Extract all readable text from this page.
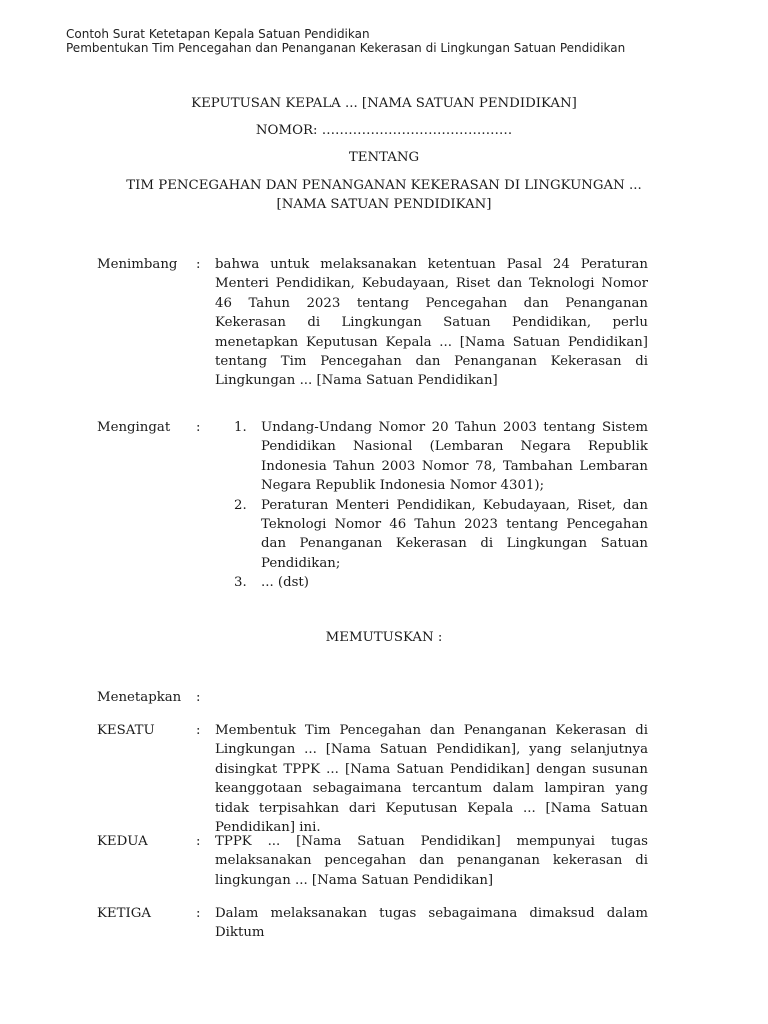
Contoh Surat Ketetapan Kepala Satuan Pendidikan
Pembentukan Tim Pencegahan dan Penanganan Kekerasan di Lingkungan Satuan Pendidikan
KEPUTUSAN KEPALA ... [NAMA SATUAN PENDIDIKAN]
NOMOR: …………………………………….
TENTANG
TIM PENCEGAHAN DAN PENANGANAN KEKERASAN DI LINGKUNGAN ... [NAMA SATUAN PENDIDIKAN]
Menimbang : bahwa untuk melaksanakan ketentuan Pasal 24 Peraturan Menteri Pendidikan, Kebudayaan, Riset dan Teknologi Nomor 46 Tahun 2023 tentang Pencegahan dan Penanganan Kekerasan di Lingkungan Satuan Pendidikan, perlu menetapkan Keputusan Kepala ... [Nama Satuan Pendidikan] tentang Tim Pencegahan dan Penanganan Kekerasan di Lingkungan ... [Nama Satuan Pendidikan]
Mengingat :	1.	Undang-Undang Nomor 20 Tahun 2003 tentang Sistem Pendidikan Nasional (Lembaran Negara Republik Indonesia Tahun 2003 Nomor 78, Tambahan Lembaran Negara Republik Indonesia Nomor 4301);
2.	Peraturan Menteri Pendidikan, Kebudayaan, Riset, dan Teknologi Nomor 46 Tahun 2023 tentang Pencegahan dan Penanganan Kekerasan di Lingkungan Satuan Pendidikan;
3.	... (dst)
MEMUTUSKAN :
Menetapkan :
KESATU	: Membentuk Tim Pencegahan dan Penanganan Kekerasan di Lingkungan ... [Nama Satuan Pendidikan], yang selanjutnya disingkat TPPK ... [Nama Satuan Pendidikan] dengan susunan keanggotaan sebagaimana tercantum dalam lampiran yang tidak terpisahkan dari Keputusan Kepala ... [Nama Satuan Pendidikan] ini.
KEDUA	: TPPK ... [Nama Satuan Pendidikan] mempunyai tugas melaksanakan pencegahan dan penanganan kekerasan di lingkungan ... [Nama Satuan Pendidikan]
KETIGA	: Dalam melaksanakan tugas sebagaimana dimaksud dalam Diktum
